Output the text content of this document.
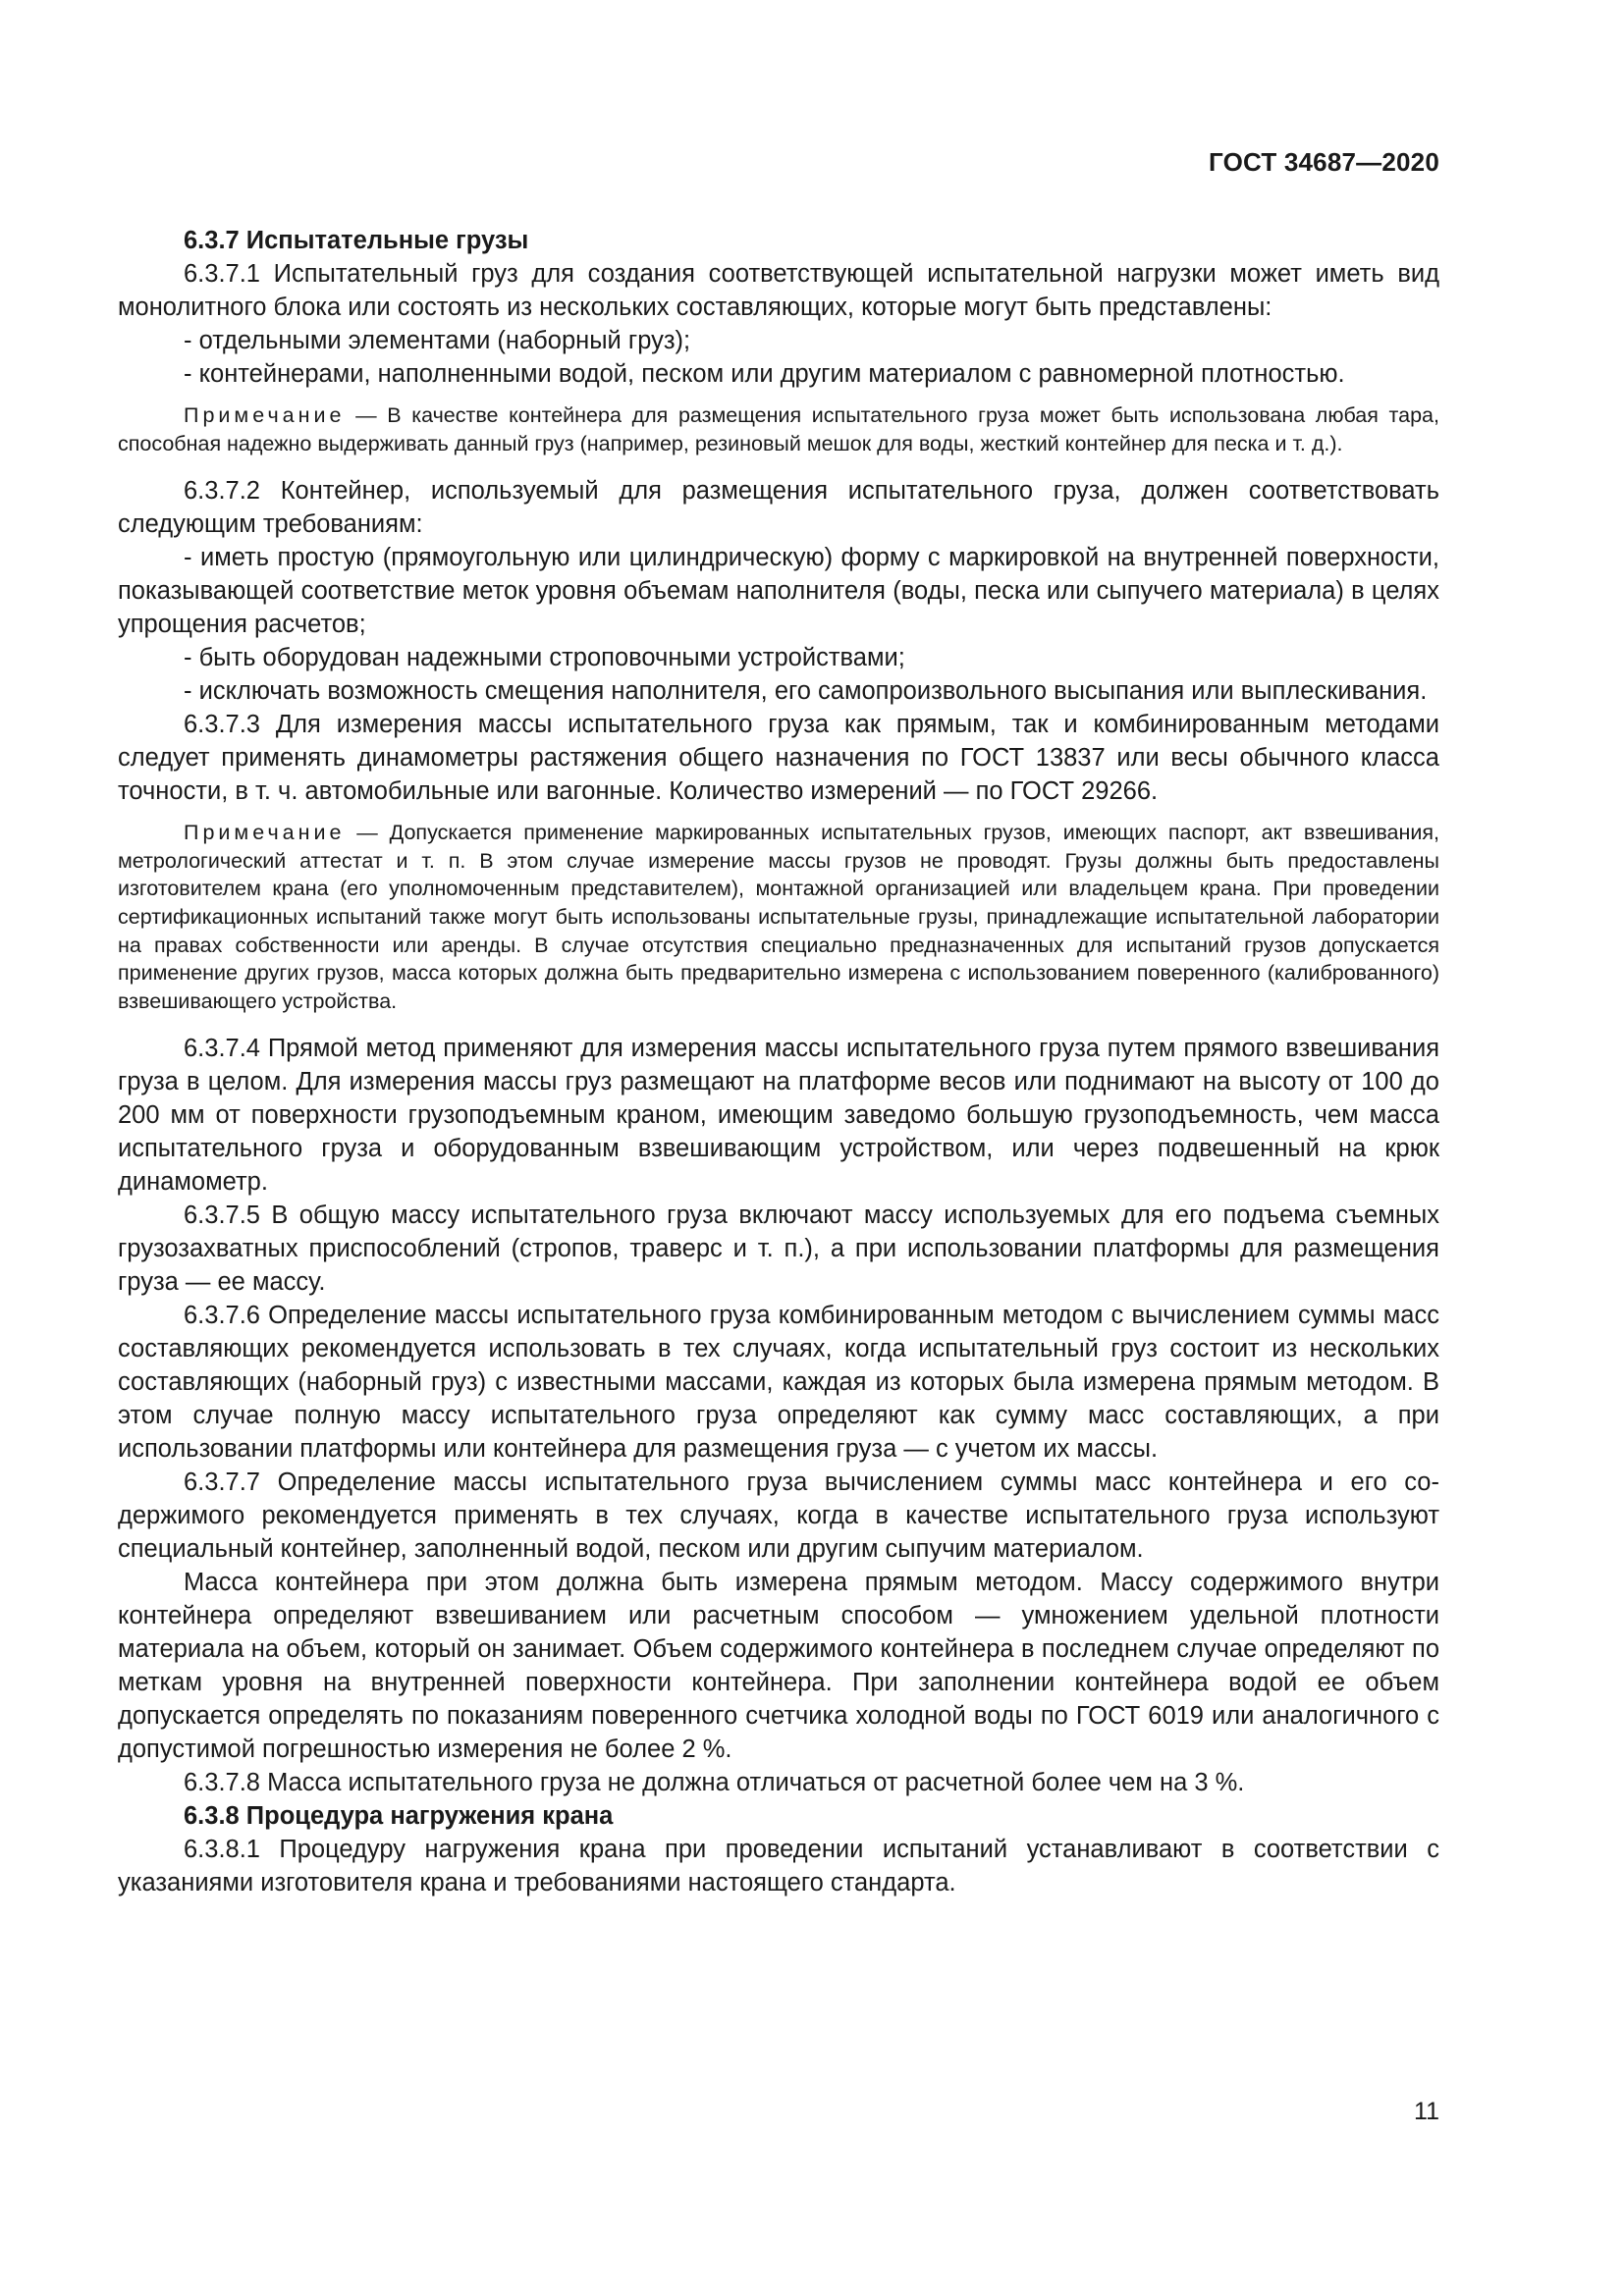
ГОСТ 34687—2020

6.3.7 Испытательные грузы

6.3.7.1 Испытательный груз для создания соответствующей испытательной нагрузки может иметь вид монолитного блока или состоять из нескольких составляющих, которые могут быть представлены:

- отдельными элементами (наборный груз);

- контейнерами, наполненными водой, песком или другим материалом с равномерной плотностью.

Примечание — В качестве контейнера для размещения испытательного груза может быть использована любая тара, способная надежно выдерживать данный груз (например, резиновый мешок для воды, жесткий контейнер для песка и т. д.).

6.3.7.2 Контейнер, используемый для размещения испытательного груза, должен соответствовать следующим требованиям:

- иметь простую (прямоугольную или цилиндрическую) форму с маркировкой на внутренней поверхности, показывающей соответствие меток уровня объемам наполнителя (воды, песка или сыпучего материала) в целях упрощения расчетов;

- быть оборудован надежными строповочными устройствами;

- исключать возможность смещения наполнителя, его самопроизвольного высыпания или выплескивания.

6.3.7.3 Для измерения массы испытательного груза как прямым, так и комбинированным методами следует применять динамометры растяжения общего назначения по ГОСТ 13837 или весы обычного класса точности, в т. ч. автомобильные или вагонные. Количество измерений — по ГОСТ 29266.

Примечание — Допускается применение маркированных испытательных грузов, имеющих паспорт, акт взвешивания, метрологический аттестат и т. п. В этом случае измерение массы грузов не проводят. Грузы должны быть предоставлены изготовителем крана (его уполномоченным представителем), монтажной организацией или владельцем крана. При проведении сертификационных испытаний также могут быть использованы испытательные грузы, принадлежащие испытательной лаборатории на правах собственности или аренды. В случае отсутствия специально предназначенных для испытаний грузов допускается применение других грузов, масса которых должна быть предварительно измерена с использованием поверенного (калиброванного) взвешивающего устройства.

6.3.7.4 Прямой метод применяют для измерения массы испытательного груза путем прямого взвешивания груза в целом. Для измерения массы груз размещают на платформе весов или поднимают на высоту от 100 до 200 мм от поверхности грузоподъемным краном, имеющим заведомо большую грузоподъемность, чем масса испытательного груза и оборудованным взвешивающим устройством, или через подвешенный на крюк динамометр.

6.3.7.5 В общую массу испытательного груза включают массу используемых для его подъема съемных грузозахватных приспособлений (стропов, траверс и т. п.), а при использовании платформы для размещения груза — ее массу.

6.3.7.6 Определение массы испытательного груза комбинированным методом с вычислением суммы масс составляющих рекомендуется использовать в тех случаях, когда испытательный груз состоит из нескольких составляющих (наборный груз) с известными массами, каждая из которых была измерена прямым методом. В этом случае полную массу испытательного груза определяют как сумму масс составляющих, а при использовании платформы или контейнера для размещения груза — с учетом их массы.

6.3.7.7 Определение массы испытательного груза вычислением суммы масс контейнера и его содержимого рекомендуется применять в тех случаях, когда в качестве испытательного груза используют специальный контейнер, заполненный водой, песком или другим сыпучим материалом.

Масса контейнера при этом должна быть измерена прямым методом. Массу содержимого внутри контейнера определяют взвешиванием или расчетным способом — умножением удельной плотности материала на объем, который он занимает. Объем содержимого контейнера в последнем случае определяют по меткам уровня на внутренней поверхности контейнера. При заполнении контейнера водой ее объем допускается определять по показаниям поверенного счетчика холодной воды по ГОСТ 6019 или аналогичного с допустимой погрешностью измерения не более 2 %.

6.3.7.8 Масса испытательного груза не должна отличаться от расчетной более чем на 3 %.

6.3.8 Процедура нагружения крана

6.3.8.1 Процедуру нагружения крана при проведении испытаний устанавливают в соответствии с указаниями изготовителя крана и требованиями настоящего стандарта.

11
